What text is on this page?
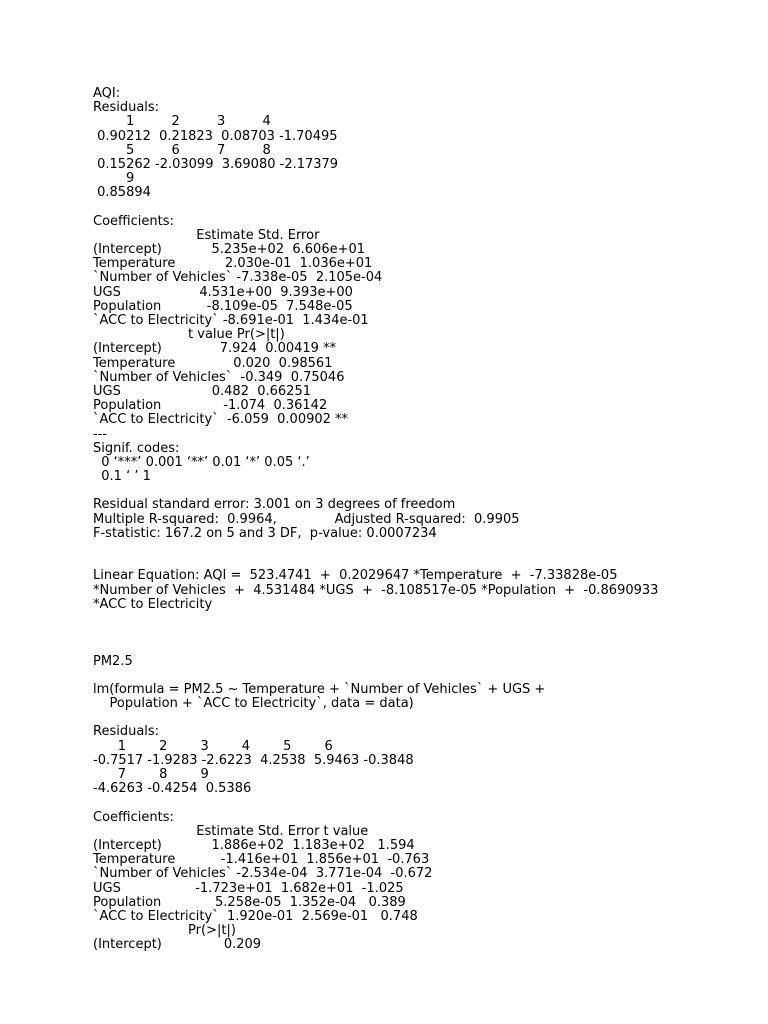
AQI:
Residuals:
1         2         3         4
0.90212  0.21823  0.08703 -1.70495
5         6         7         8
0.15262 -2.03099  3.69080 -2.17379
9
0.85894
Coefficients:
Estimate Std. Error
(Intercept)            5.235e+02  6.606e+01
Temperature            2.030e-01  1.036e+01
`Number of Vehicles` -7.338e-05  2.105e-04
UGS                   4.531e+00  9.393e+00
Population           -8.109e-05  7.548e-05
`ACC to Electricity` -8.691e-01  1.434e-01
t value Pr(>|t|)
(Intercept)              7.924  0.00419 **
Temperature              0.020  0.98561
`Number of Vehicles`  -0.349  0.75046
UGS                      0.482  0.66251
Population               -1.074  0.36142
`ACC to Electricity`  -6.059  0.00902 **
---
Signif. codes:
0 ‘***’ 0.001 ‘**’ 0.01 ‘*’ 0.05 ‘.’
0.1 ‘ ’ 1
Residual standard error: 3.001 on 3 degrees of freedom
Multiple R-squared:  0.9964,              Adjusted R-squared:  0.9905
F-statistic: 167.2 on 5 and 3 DF,  p-value: 0.0007234
Linear Equation: AQI =  523.4741  +  0.2029647 *Temperature  +  -7.33828e-05
*Number of Vehicles  +  4.531484 *UGS  +  -8.108517e-05 *Population  +  -0.8690933
*ACC to Electricity
PM2.5
lm(formula = PM2.5 ~ Temperature + `Number of Vehicles` + UGS +
Population + `ACC to Electricity`, data = data)
Residuals:
1        2        3        4        5        6
-0.7517 -1.9283 -2.6223  4.2538  5.9463 -0.3848
7        8        9
-4.6263 -0.4254  0.5386
Coefficients:
Estimate Std. Error t value
(Intercept)            1.886e+02  1.183e+02   1.594
Temperature           -1.416e+01  1.856e+01  -0.763
`Number of Vehicles` -2.534e-04  3.771e-04  -0.672
UGS                  -1.723e+01  1.682e+01  -1.025
Population             5.258e-05  1.352e-04   0.389
`ACC to Electricity`  1.920e-01  2.569e-01   0.748
Pr(>|t|)
(Intercept)               0.209
